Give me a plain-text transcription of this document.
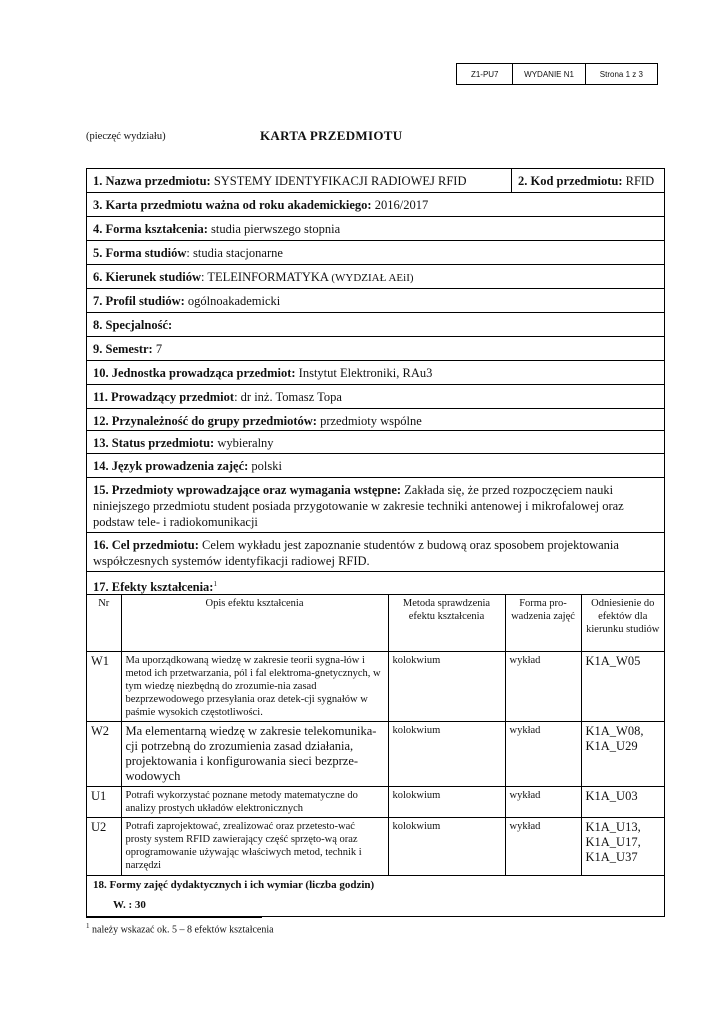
Z1-PU7	WYDANIE N1	Strona 1 z 3
(pieczęć wydziału)	KARTA PRZEDMIOTU
1. Nazwa przedmiotu: SYSTEMY IDENTYFIKACJI RADIOWEJ RFID	2. Kod przedmiotu: RFID
3. Karta przedmiotu ważna od roku akademickiego: 2016/2017
4. Forma kształcenia: studia pierwszego stopnia
5. Forma studiów: studia stacjonarne
6. Kierunek studiów: TELEINFORMATYKA (WYDZIAŁ AEiI)
7. Profil studiów: ogólnoakademicki
8. Specjalność:
9. Semestr: 7
10. Jednostka prowadząca przedmiot: Instytut Elektroniki, RAu3
11. Prowadzący przedmiot: dr inż. Tomasz Topa
12. Przynależność do grupy przedmiotów: przedmioty wspólne
13. Status przedmiotu: wybieralny
14. Język prowadzenia zajęć: polski
15. Przedmioty wprowadzające oraz wymagania wstępne: Zakłada się, że przed rozpoczęciem nauki niniejszego przedmiotu student posiada przygotowanie w zakresie techniki antenowej i mikrofalowej oraz podstaw tele- i radiokomunikacji
16. Cel przedmiotu: Celem wykładu jest zapoznanie studentów z budową oraz sposobem projektowania współczesnych systemów identyfikacji radiowej RFID.
17. Efekty kształcenia:$^1$
Nr	Opis efektu kształcenia	Metoda sprawdzenia efektu kształcenia	Forma pro-wadzenia zajęć	Odniesienie do efektów dla kierunku studiów
W1	Ma uporządkowaną wiedzę w zakresie teorii sygna-łów i metod ich przetwarzania, pól i fal elektroma-gnetycznych, w tym wiedzę niezbędną do zrozumie-nia zasad bezprzewodowego przesyłania oraz detek-cji sygnałów w paśmie wysokich częstotliwości.	kolokwium	wykład	K1A_W05
W2	Ma elementarną wiedzę w zakresie telekomunika-cji potrzebną do zrozumienia zasad działania, projektowania i konfigurowania sieci bezprze-wodowych	kolokwium	wykład	K1A_W08, K1A_U29
U1	Potrafi wykorzystać poznane metody matematyczne do analizy prostych układów elektronicznych	kolokwium	wykład	K1A_U03
U2	Potrafi zaprojektować, zrealizować oraz przetesto-wać prosty system RFID zawierający część sprzęto-wą oraz oprogramowanie używając właściwych metod, technik i narzędzi	kolokwium	wykład	K1A_U13, K1A_U17, K1A_U37
18. Formy zajęć dydaktycznych i ich wymiar (liczba godzin)
W. : 30
$^1$ należy wskazać ok. 5 – 8 efektów kształcenia
